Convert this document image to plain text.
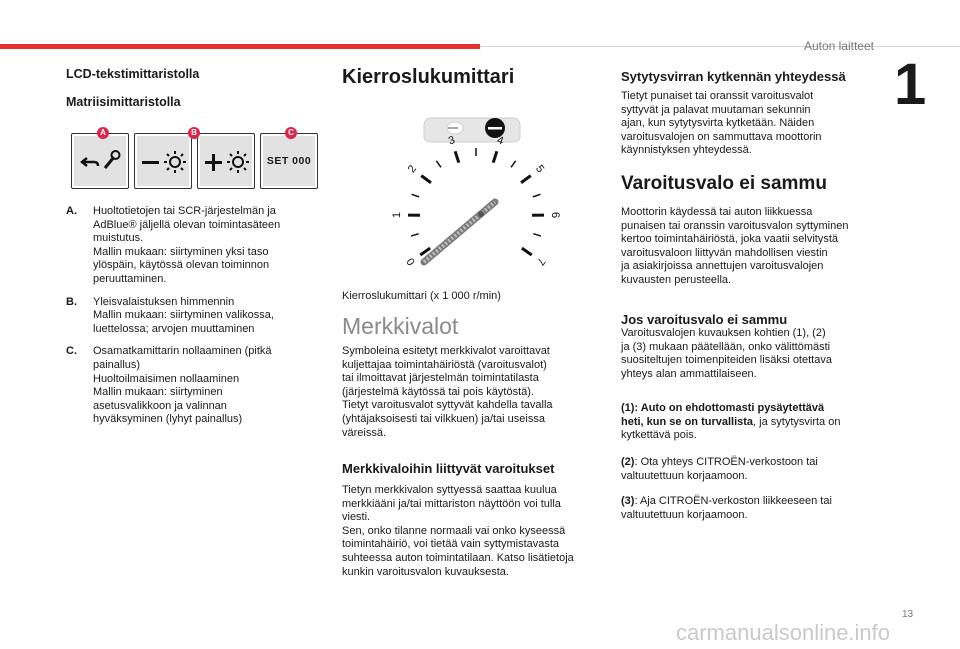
Auton laitteet
1
LCD-tekstimittaristolla
Matriisimittaristolla
SET 000
A	B	C
A.	Huoltotietojen tai SCR-järjestelmän ja
AdBlue® jäljellä olevan toimintasäteen
muistutus.
Mallin mukaan: siirtyminen yksi taso
ylöspäin, käytössä olevan toiminnon
peruuttaminen.
B.	Yleisvalaistuksen himmennin
Mallin mukaan: siirtyminen valikossa,
luettelossa; arvojen muuttaminen
C.	Osamatkamittarin nollaaminen (pitkä
painallus)
Huoltoilmaisimen nollaaminen
Mallin mukaan: siirtyminen
asetusvalikkoon ja valinnan
hyväksyminen (lyhyt painallus)
Kierroslukumittari
0
1
2
3	4
5
6
7
Kierroslukumittari (x 1 000 r/min)
Merkkivalot
Symboleina esitetyt merkkivalot varoittavat
kuljettajaa toimintahäiriöstä (varoitusvalot)
tai ilmoittavat järjestelmän toimintatilasta
(järjestelmä käytössä tai pois käytöstä).
Tietyt varoitusvalot syttyvät kahdella tavalla
(yhtäjaksoisesti tai vilkkuen) ja/tai useissa
väreissä.
Merkkivaloihin liittyvät varoitukset
Tietyn merkkivalon syttyessä saattaa kuulua
merkkiääni ja/tai mittariston näyttöön voi tulla
viesti.
Sen, onko tilanne normaali vai onko kyseessä
toimintahäiriö, voi tietää vain syttymistavasta
suhteessa auton toimintatilaan. Katso lisätietoja
kunkin varoitusvalon kuvauksesta.
Sytytysvirran kytkennän yhteydessä
Tietyt punaiset tai oranssit varoitusvalot
syttyvät ja palavat muutaman sekunnin
ajan, kun sytytysvirta kytketään. Näiden
varoitusvalojen on sammuttava moottorin
käynnistyksen yhteydessä.
Varoitusvalo ei sammu
Moottorin käydessä tai auton liikkuessa
punaisen tai oranssin varoitusvalon syttyminen
kertoo toimintahäiriöstä, joka vaatii selvitystä
varoitusvaloon liittyvän mahdollisen viestin
ja asiakirjoissa annettujen varoitusvalojen
kuvausten perusteella.
Jos varoitusvalo ei sammu
Varoitusvalojen kuvauksen kohtien (1), (2)
ja (3) mukaan päätellään, onko välittömästi
suositeltujen toimenpiteiden lisäksi otettava
yhteys alan ammattilaiseen.
(1): Auto on ehdottomasti pysäytettävä
heti, kun se on turvallista, ja sytytysvirta on
kytkettävä pois.
(2): Ota yhteys CITROËN-verkostoon tai
valtuutettuun korjaamoon.
(3): Aja CITROËN-verkoston liikkeeseen tai
valtuutettuun korjaamoon.
13
carmanualsonline.info
